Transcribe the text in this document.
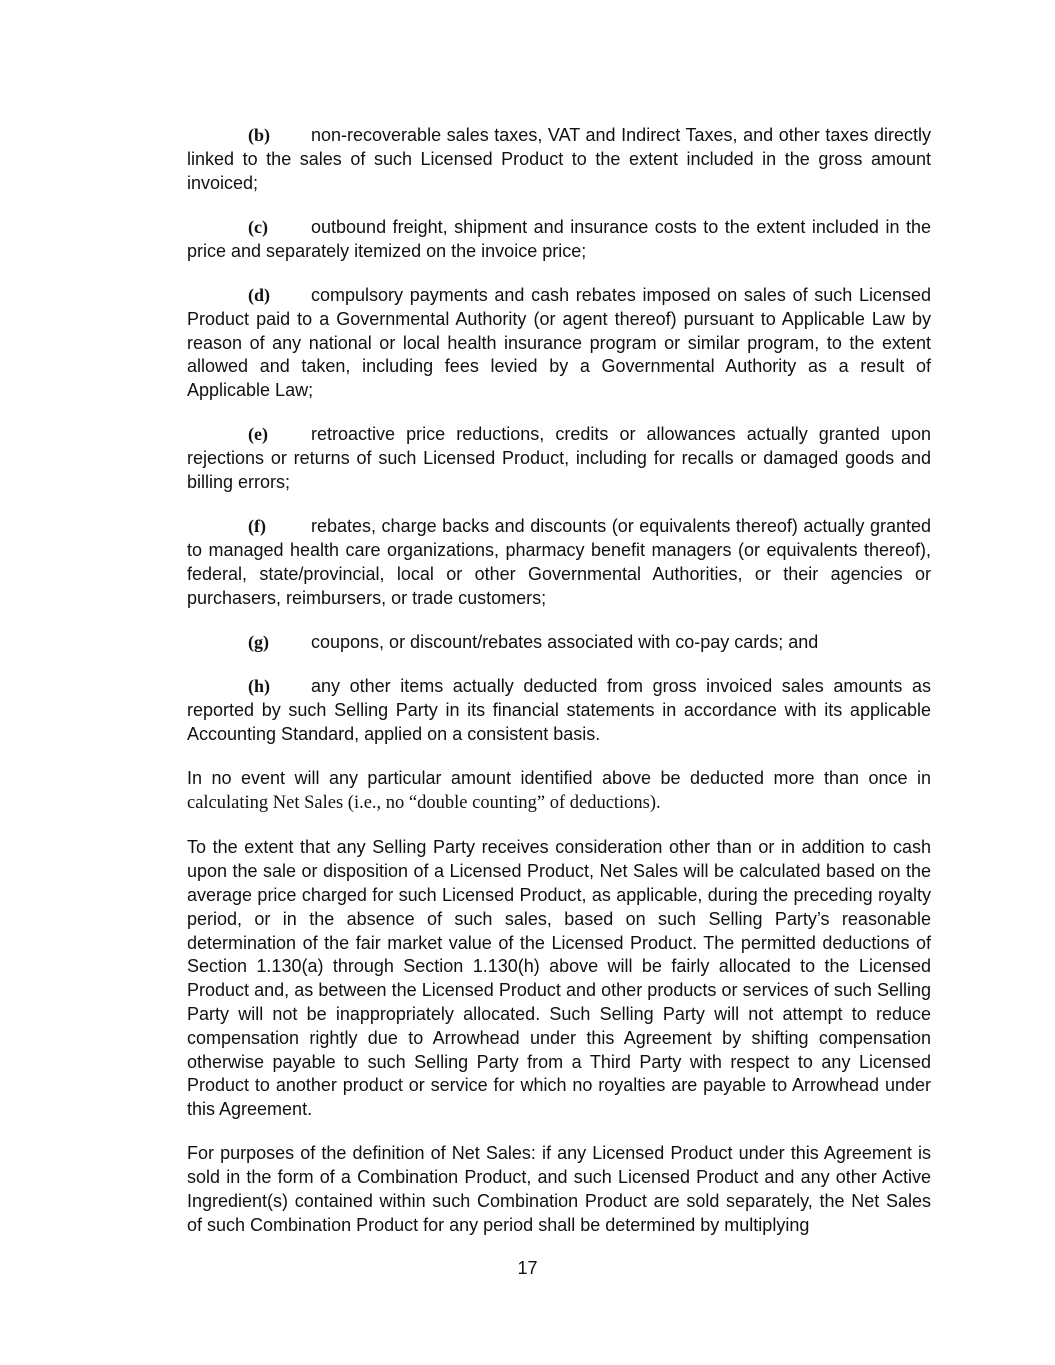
(b) non-recoverable sales taxes, VAT and Indirect Taxes, and other taxes directly linked to the sales of such Licensed Product to the extent included in the gross amount invoiced;

(c) outbound freight, shipment and insurance costs to the extent included in the price and separately itemized on the invoice price;

(d) compulsory payments and cash rebates imposed on sales of such Licensed Product paid to a Governmental Authority (or agent thereof) pursuant to Applicable Law by reason of any national or local health insurance program or similar program, to the extent allowed and taken, including fees levied by a Governmental Authority as a result of Applicable Law;

(e) retroactive price reductions, credits or allowances actually granted upon rejections or returns of such Licensed Product, including for recalls or damaged goods and billing errors;

(f)	rebates, charge backs and discounts (or equivalents thereof) actually granted to managed health care organizations, pharmacy benefit managers (or equivalents thereof), federal, state/provincial, local or other Governmental Authorities, or their agencies or purchasers, reimbursers, or trade customers;

(g) coupons, or discount/rebates associated with co-pay cards; and

(h) any other items actually deducted from gross invoiced sales amounts as reported by such Selling Party in its financial statements in accordance with its applicable Accounting Standard, applied on a consistent basis.

In no event will any particular amount identified above be deducted more than once in calculating Net Sales (i.e., no “double counting” of deductions).

To the extent that any Selling Party receives consideration other than or in addition to cash upon the sale or disposition of a Licensed Product, Net Sales will be calculated based on the average price charged for such Licensed Product, as applicable, during the preceding royalty period, or in the absence of such sales, based on such Selling Party’s reasonable determination of the fair market value of the Licensed Product. The permitted deductions of Section 1.130(a) through Section 1.130(h) above will be fairly allocated to the Licensed Product and, as between the Licensed Product and other products or services of such Selling Party will not be inappropriately allocated. Such Selling Party will not attempt to reduce compensation rightly due to Arrowhead under this Agreement by shifting compensation otherwise payable to such Selling Party from a Third Party with respect to any Licensed Product to another product or service for which no royalties are payable to Arrowhead under this Agreement.

For purposes of the definition of Net Sales: if any Licensed Product under this Agreement is sold in the form of a Combination Product, and such Licensed Product and any other Active Ingredient(s) contained within such Combination Product are sold separately, the Net Sales of such Combination Product for any period shall be determined by multiplying

17
